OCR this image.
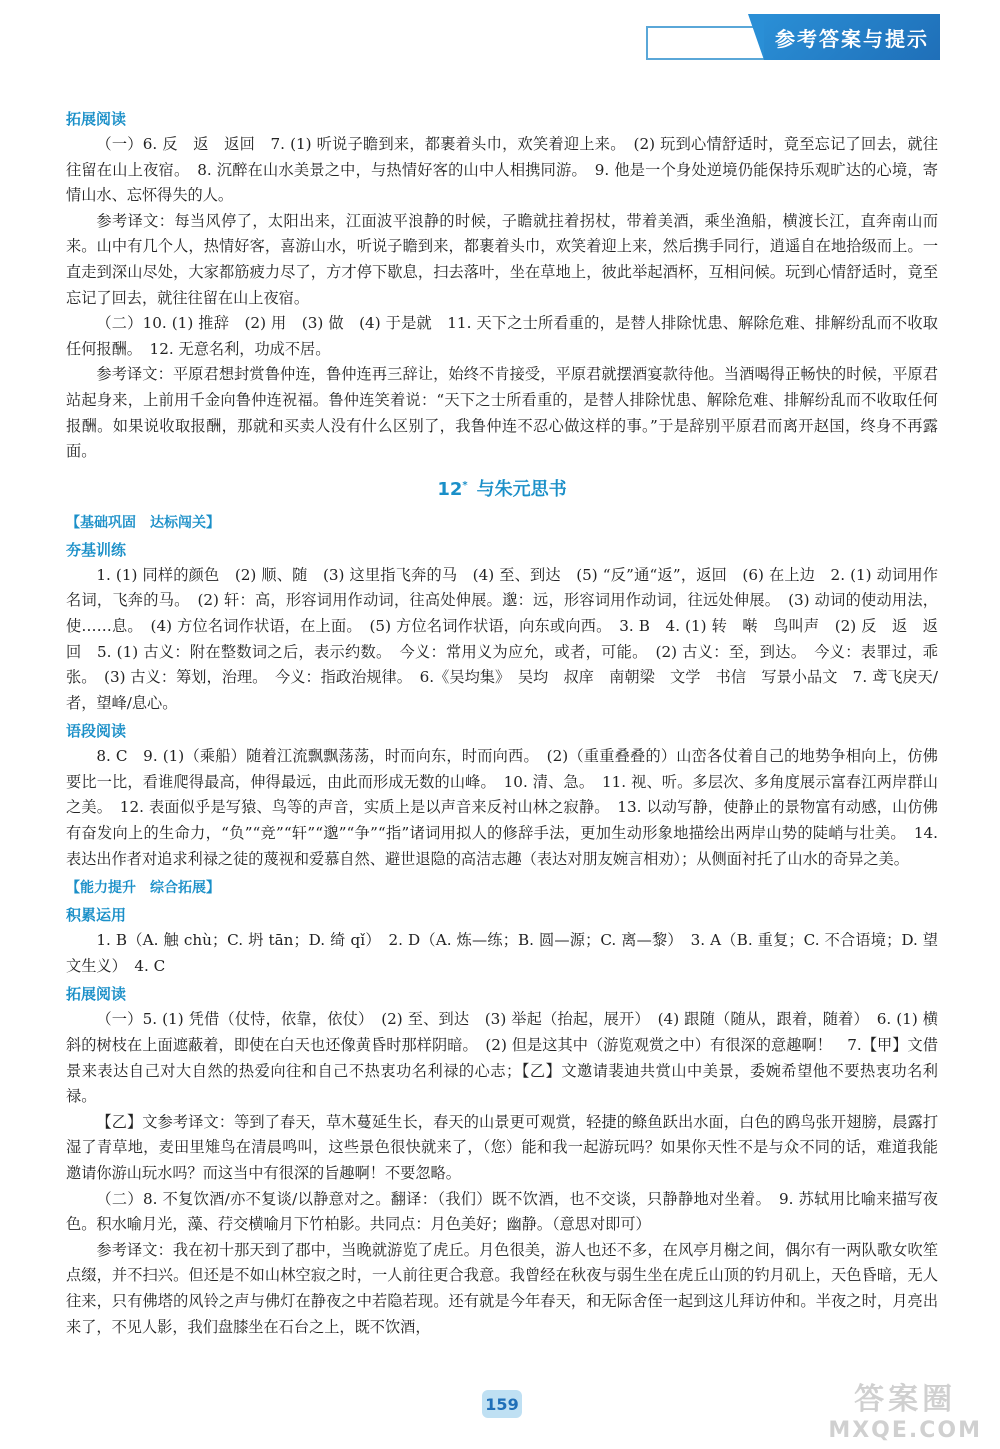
参考答案与提示
拓展阅读

（一）6. 反　返　返回　7. (1) 听说子瞻到来，都裹着头巾，欢笑着迎上来。　(2) 玩到心情舒适时，竟至忘记了回去，就往往留在山上夜宿。　8. 沉醉在山水美景之中，与热情好客的山中人相携同游。　9. 他是一个身处逆境仍能保持乐观旷达的心境，寄情山水、忘怀得失的人。

参考译文：每当风停了，太阳出来，江面波平浪静的时候，子瞻就拄着拐杖，带着美酒，乘坐渔船，横渡长江，直奔南山而来。山中有几个人，热情好客，喜游山水，听说子瞻到来，都裹着头巾，欢笑着迎上来，然后携手同行，逍遥自在地拾级而上。一直走到深山尽处，大家都筋疲力尽了，方才停下歇息，扫去落叶，坐在草地上，彼此举起酒杯，互相问候。玩到心情舒适时，竟至忘记了回去，就往往留在山上夜宿。

（二）10. (1) 推辞　(2) 用　(3) 做　(4) 于是就　11. 天下之士所看重的，是替人排除忧患、解除危难、排解纷乱而不收取任何报酬。　12. 无意名利，功成不居。

参考译文：平原君想封赏鲁仲连，鲁仲连再三辞让，始终不肯接受，平原君就摆酒宴款待他。当酒喝得正畅快的时候，平原君站起身来，上前用千金向鲁仲连祝福。鲁仲连笑着说：“天下之士所看重的，是替人排除忧患、解除危难、排解纷乱而不收取任何报酬。如果说收取报酬，那就和买卖人没有什么区别了，我鲁仲连不忍心做这样的事。”于是辞别平原君而离开赵国，终身不再露面。

12*  与朱元思书
【基础巩固　达标闯关】
夯基训练

1. (1) 同样的颜色　(2) 顺、随　(3) 这里指飞奔的马　(4) 至、到达　(5) “反”通“返”，返回　(6) 在上边　2. (1) 动词用作名词，飞奔的马。　(2) 轩：高，形容词用作动词，往高处伸展。邈：远，形容词用作动词，往远处伸展。　(3) 动词的使动用法，使……息。　(4) 方位名词作状语，在上面。　(5) 方位名词作状语，向东或向西。　3. B　4. (1) 转　啭　鸟叫声　(2) 反　返　返回　5. (1) 古义：附在整数词之后，表示约数。　今义：常用义为应允，或者，可能。　(2) 古义：至，到达。　今义：表罪过，乖张。　(3) 古义：筹划，治理。　今义：指政治规律。　6.《吴均集》　吴均　叔庠　南朝梁　文学　书信　写景小品文　7. 鸢飞戾天/者，望峰/息心。

语段阅读

8. C　9. (1)（乘船）随着江流飘飘荡荡，时而向东，时而向西。　(2)（重重叠叠的）山峦各仗着自己的地势争相向上，仿佛要比一比，看谁爬得最高，伸得最远，由此而形成无数的山峰。　10. 清、急。　11. 视、听。多层次、多角度展示富春江两岸群山之美。　12. 表面似乎是写猿、鸟等的声音，实质上是以声音来反衬山林之寂静。　13. 以动写静，使静止的景物富有动感，山仿佛有奋发向上的生命力，“负”“竞”“轩”“邈”“争”“指”诸词用拟人的修辞手法，更加生动形象地描绘出两岸山势的陡峭与壮美。　14. 表达出作者对追求利禄之徒的蔑视和爱慕自然、避世退隐的高洁志趣（表达对朋友婉言相劝）；从侧面衬托了山水的奇异之美。

【能力提升　综合拓展】
积累运用

1. B（A. 触 chù；C. 坍 tān；D. 绮 qǐ）　2. D（A. 炼—练；B. 圆—源；C. 离—黎）　3. A（B. 重复；C. 不合语境；D. 望文生义）　4. C

拓展阅读

（一）5. (1) 凭借（仗恃，依靠，依仗）　(2) 至、到达　(3) 举起（抬起，展开）　(4) 跟随（随从，跟着，随着）　6. (1) 横斜的树枝在上面遮蔽着，即使在白天也还像黄昏时那样阴暗。　(2) 但是这其中（游览观赏之中）有很深的意趣啊！　7.【甲】文借景来表达自己对大自然的热爱向往和自己不热衷功名利禄的心志；【乙】文邀请裴迪共赏山中美景，委婉希望他不要热衷功名利禄。

【乙】文参考译文：等到了春天，草木蔓延生长，春天的山景更可观赏，轻捷的鲦鱼跃出水面，白色的鸥鸟张开翅膀，晨露打湿了青草地，麦田里雉鸟在清晨鸣叫，这些景色很快就来了，（您）能和我一起游玩吗？如果你天性不是与众不同的话，难道我能邀请你游山玩水吗？而这当中有很深的旨趣啊！不要忽略。

（二）8. 不复饮酒/亦不复谈/以静意对之。翻译：（我们）既不饮酒，也不交谈，只静静地对坐着。　9. 苏轼用比喻来描写夜色。积水喻月光，藻、荇交横喻月下竹柏影。共同点：月色美好；幽静。（意思对即可）

参考译文：我在初十那天到了郡中，当晚就游览了虎丘。月色很美，游人也还不多，在风亭月榭之间，偶尔有一两队歌女吹笙点缀，并不扫兴。但还是不如山林空寂之时，一人前往更合我意。我曾经在秋夜与弱生坐在虎丘山顶的钓月矶上，天色昏暗，无人往来，只有佛塔的风铃之声与佛灯在静夜之中若隐若现。还有就是今年春天，和无际舍侄一起到这儿拜访仲和。半夜之时，月亮出来了，不见人影，我们盘膝坐在石台之上，既不饮酒，

159	答案圈
MXQE.COM
